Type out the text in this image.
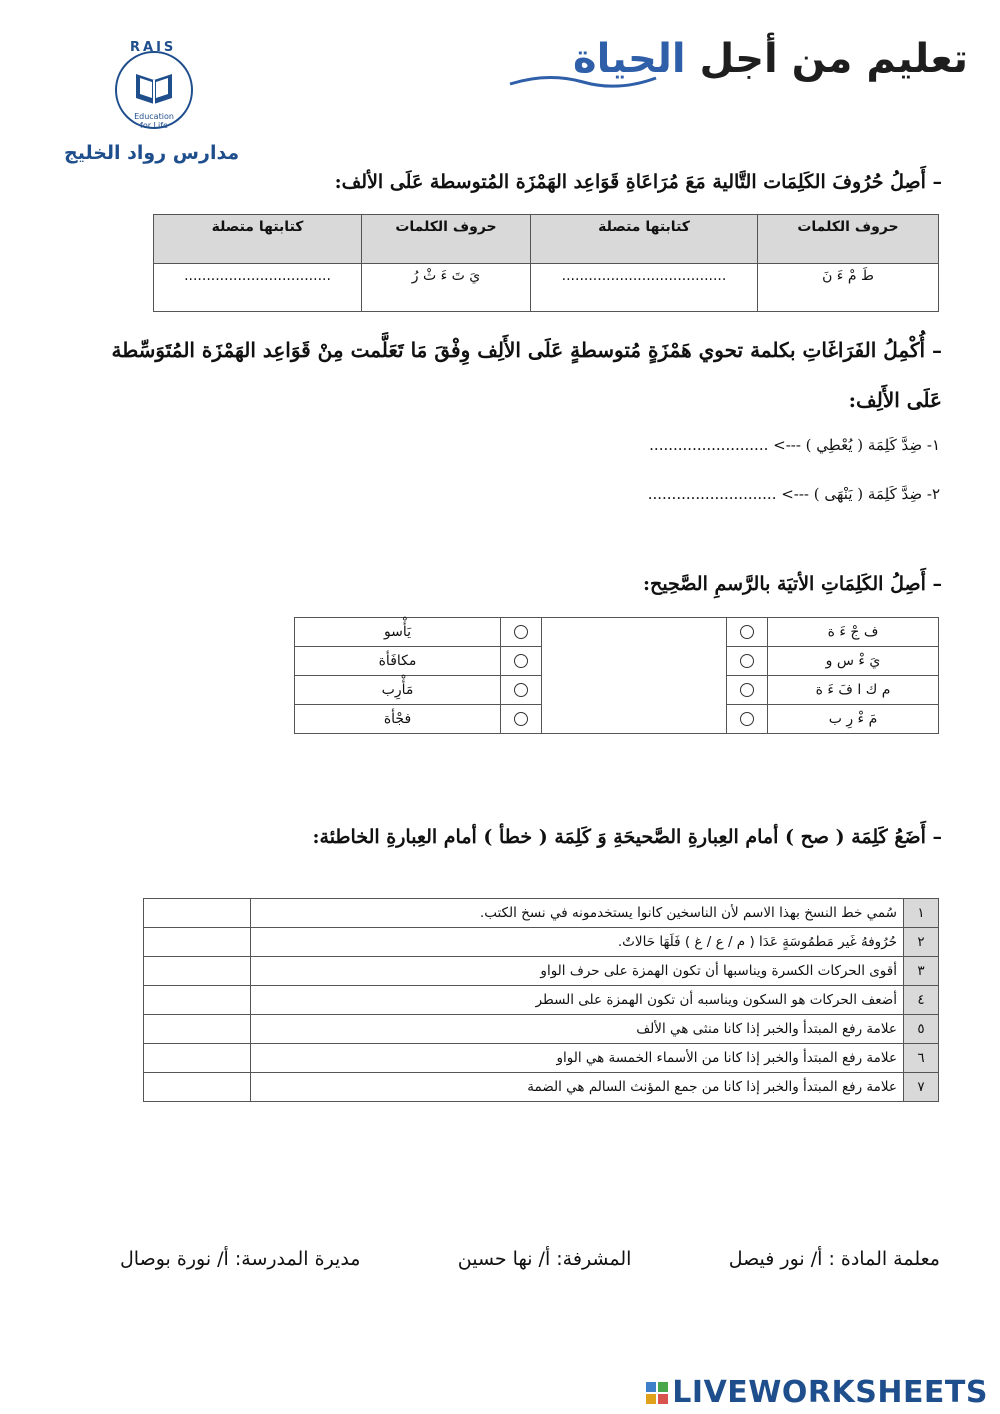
تعليم من أجل الحياة
RAIS
Education
for Life
مدارس رواد الخليج
– أَصِلُ حُرُوفَ الكَلِمَات التَّالية مَعَ مُرَاعَاةِ قَوَاعِد الهَمْزَة المُتوسطة عَلَى الألف:
حروف الكلمات	كتابتها متصلة	حروف الكلمات	كتابتها متصلة
طَ مْ ءَ نَ	.....................................	يَ تَ ءَ ثْ رُ	.................................
– أُكْمِلُ الفَرَاغَاتِ بكلمة تحوي هَمْزَةٍ مُتوسطةٍ عَلَى الأَلِف وِفْقَ مَا تَعَلَّمت مِنْ قَوَاعِد الهَمْزَة المُتَوَسِّطة عَلَى الأَلِف:
١- ضِدَّ كَلِمَة ( يُعْطِي ) ---> .........................
٢- ضِدَّ كَلِمَة ( يَنْهَى ) ---> ...........................
– أَصِلُ الكَلِمَاتِ الأتيَة بالرَّسمِ الصَّحِيح:
ف جْ ءَ ة				يَأْسو
يَ ءْ س و				مكافَأة
م ك ا فَ ءَ ة				مَأْرِب
مَ ءْ رِ ب				فجْأة
– أَضَعُ كَلِمَة ( صح ) أمام العِبارةِ الصَّحيحَةِ وَ كَلِمَة ( خطأ ) أمام العِبارةِ الخاطئة:
١	سُمي خط النسخ بهذا الاسم لأن الناسخين كانوا يستخدمونه في نسخ الكتب.	
٢	حُرُوفهُ غَير مَطمُوسَةٍ عَدَا ( م / ع / غ ) فَلَهَا حَالاتٌ.	
٣	أقوى الحركات الكسرة ويناسبها أن تكون الهمزة على حرف الواو	
٤	أضعف الحركات هو السكون ويناسبه أن تكون الهمزة على السطر	
٥	علامة رفع المبتدأ والخبر إذا كانا منثى هي الألف	
٦	علامة رفع المبتدأ والخبر إذا كانا من الأسماء الخمسة هي الواو	
٧	علامة رفع المبتدأ والخبر إذا كانا من جمع المؤنث السالم هي الضمة	
معلمة المادة : أ/ نور فيصل
المشرفة: أ/ نها حسين
مديرة المدرسة: أ/ نورة بوصال
LIVEWORKSHEETS
